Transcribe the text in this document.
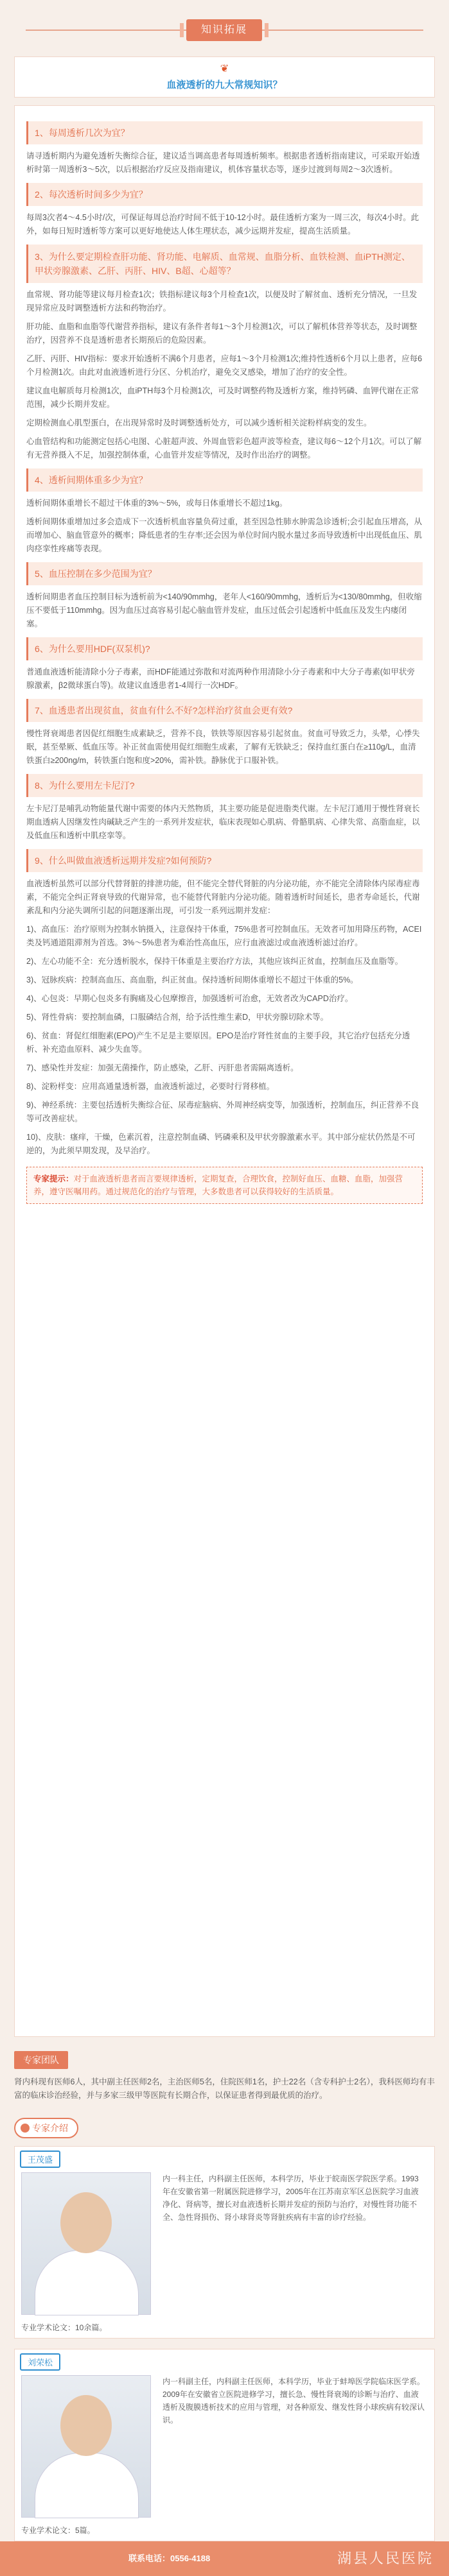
知识拓展
❦
血液透析的九大常规知识？
1、每周透析几次为宜？

请寻透析期内为避免透析失衡综合征，建议适当调高患者每周透析频率。根据患者透析指南建议，可采取开始透析时第一周透析3～5次，以后根据治疗反应及指南建议，机体容量状态等，逐步过渡到每周2～3次透析。

2、每次透析时间多少为宜？

每周3次者4～4.5小时/次，可保证每周总治疗时间不低于10-12小时。最佳透析方案为一周三次，每次4小时。此外，如每日短时透析等方案可以更好地使达人体生理状态，减少远期并发症，提高生活质量。

3、为什么要定期检查肝功能、肾功能、电解质、血常规、血脂分析、血铁检测、血iPTH测定、甲状旁腺激素、乙肝、丙肝、HIV、B超、心超等？

血常规、肾功能等建议每月检查1次；铁指标建议每3个月检查1次，以便及时了解贫血、透析充分情况，一旦发现异常应及时调整透析方法和药物治疗。

肝功能、血脂和血脂等代谢营养指标，建议有条件者每1～3个月检测1次，可以了解机体营养等状态，及时调整治疗，因营养不良是透析患者长期预后的危险因素。

乙肝、丙肝、HIV指标：要求开始透析不满6个月患者，应每1～3个月检测1次;维持性透析6个月以上患者，应每6个月检测1次。由此对血液透析进行分区、分机治疗，避免交叉感染，增加了治疗的安全性。

建议血电解质每月检测1次，血iPTH每3个月检测1次，可及时调整药物及透析方案，维持钙磷、血钾代谢在正常范围，减少长期并发症。

定期检测血心肌型蛋白，在出现异常时及时调整透析处方，可以减少透析相关淀粉样病变的发生。

心血管结构和功能测定包括心电图、心脏超声波、外周血管彩色超声波等检查，建议每6～12个月1次。可以了解有无营养摄入不足，加强控制体重，心血管并发症等情况，及时作出治疗的调整。

4、透析间期体重多少为宜？

透析间期体重增长不超过干体重的3%～5%，或每日体重增长不超过1kg。

透析间期体重增加过多会造成下一次透析机血容量负荷过重，甚至因急性肺水肿需急诊透析;会引起血压增高，从而增加心、脑血管意外的概率；降低患者的生存率;还会因为单位时间内脱水量过多而导致透析中出现低血压、肌肉痉挛性疼痛等表现。

5、血压控制在多少范围为宜？

透析间期患者血压控制目标为透析前为<140/90mmhg，老年人<160/90mmhg，透析后为<130/80mmhg，但收缩压不要低于110mmhg。因为血压过高容易引起心脑血管并发症，血压过低会引起透析中低血压及发生内瘘闭塞。

6、为什么要用HDF(双泵机)?

普通血液透析能清除小分子毒素，而HDF能通过弥散和对流两种作用清除小分子毒素和中大分子毒素(如甲状旁腺激素，β2微球蛋白等)。故建议血透患者1-4周行一次HDF。

7、血透患者出现贫血，贫血有什么不好?怎样治疗贫血会更有效?

慢性肾衰竭患者因促红细胞生成素缺乏，营养不良，铁铁等原因容易引起贫血。贫血可导致乏力，头晕，心悸失眠，甚至晕厥、低血压等。补正贫血需使用促红细胞生成素，了解有无铁缺乏；保持血红蛋白在≥110g/L，血清铁蛋白≥200ng/m，转铁蛋白饱和度>20%，需补铁。静脉优于口服补铁。

8、为什么要用左卡尼汀?

左卡尼汀是哺乳动物能量代谢中需要的体内天然物质，其主要功能是促进脂类代谢。左卡尼汀通用于慢性肾衰长期血透病人因继发性肉碱缺乏产生的一系列并发症状，临床表现如心肌病、骨骼肌病、心律失常、高脂血症，以及低血压和透析中肌痉挛等。

9、什么叫做血液透析远期并发症?如何预防?

血液透析虽然可以部分代替肾脏的排泄功能，但不能完全替代肾脏的内分泌功能，亦不能完全清除体内尿毒症毒素，不能完全纠正肾衰导致的代谢异常，也不能替代肾脏内分泌功能。随着透析时间延长，患者寿命延长，代谢紊乱和内分泌失调所引起的问题逐渐出现，可引发一系列远期并发症：

1)、高血压：治疗原则为控制水钠摄入，注意保持干体重，75%患者可控制血压。无效者可加用降压药物，ACEI类及钙通道阻滞剂为首选。3%～5%患者为难治性高血压，应行血液滤过或血液透析滤过治疗。

2)、左心功能不全：充分透析脱水，保持干体重是主要治疗方法，其他应该纠正贫血，控制血压及血脂等。

3)、冠脉疾病：控制高血压、高血脂，纠正贫血。保持透析间期体重增长不超过干体重的5%。

4)、心包炎：早期心包炎多有胸痛及心包摩擦音，加强透析可治愈，无效者改为CAPD治疗。

5)、肾性骨病：要控制血磷，口服磷结合剂，给予活性维生素D，甲状旁腺切除术等。

6)、贫血：肾促红细胞素(EPO)产生不足是主要原因。EPO是治疗肾性贫血的主要手段，其它治疗包括充分透析、补充造血原料、减少失血等。

7)、感染性并发症：加强无菌操作，防止感染，乙肝、丙肝患者需隔离透析。

8)、淀粉样变：应用高通量透析器，血液透析滤过，必要时行肾移植。

9)、神经系统：主要包括透析失衡综合征、尿毒症脑病、外周神经病变等，加强透析，控制血压，纠正营养不良等可改善症状。

10)、皮肤：瘙痒，干燥，色素沉着，注意控制血磷、钙磷乘积及甲状旁腺激素水平。其中部分症状仍然是不可逆的，为此须早期发现，及早治疗。

专家提示：对于血液透析患者而言要规律透析，定期复查，合理饮食，控制好血压、血糖、血脂，加强营养，遵守医嘱用药。通过规范化的治疗与管理，大多数患者可以获得较好的生活质量。
专家团队

肾内科现有医师6人，其中副主任医师2名，主治医师5名，住院医师1名，护士22名（含专科护士2名），我科医师均有丰富的临床诊治经验，并与多家三级甲等医院有长期合作，以保证患者得到最优质的治疗。

专家介绍
王茂盛
内一科主任，内科副主任医师，本科学历，毕业于皖南医学院医学系。1993年在安徽省第一附属医院进修学习，2005年在江苏南京军区总医院学习血液净化、肾病等，擅长对血液透析长期并发症的预防与治疗，对慢性肾功能不全、急性肾损伤、肾小球肾炎等肾脏疾病有丰富的诊疗经验。
专业学术论文：10余篇。
刘荣松
内一科副主任，内科副主任医师，本科学历，毕业于蚌埠医学院临床医学系。2009年在安徽省立医院进修学习，擅长急、慢性肾衰竭的诊断与治疗、血液透析及腹膜透析技术的应用与管理，对各种原发、继发性肾小球疾病有较深认识。
专业学术论文：5篇。
联系电话：0556-4188	湖县人民医院
